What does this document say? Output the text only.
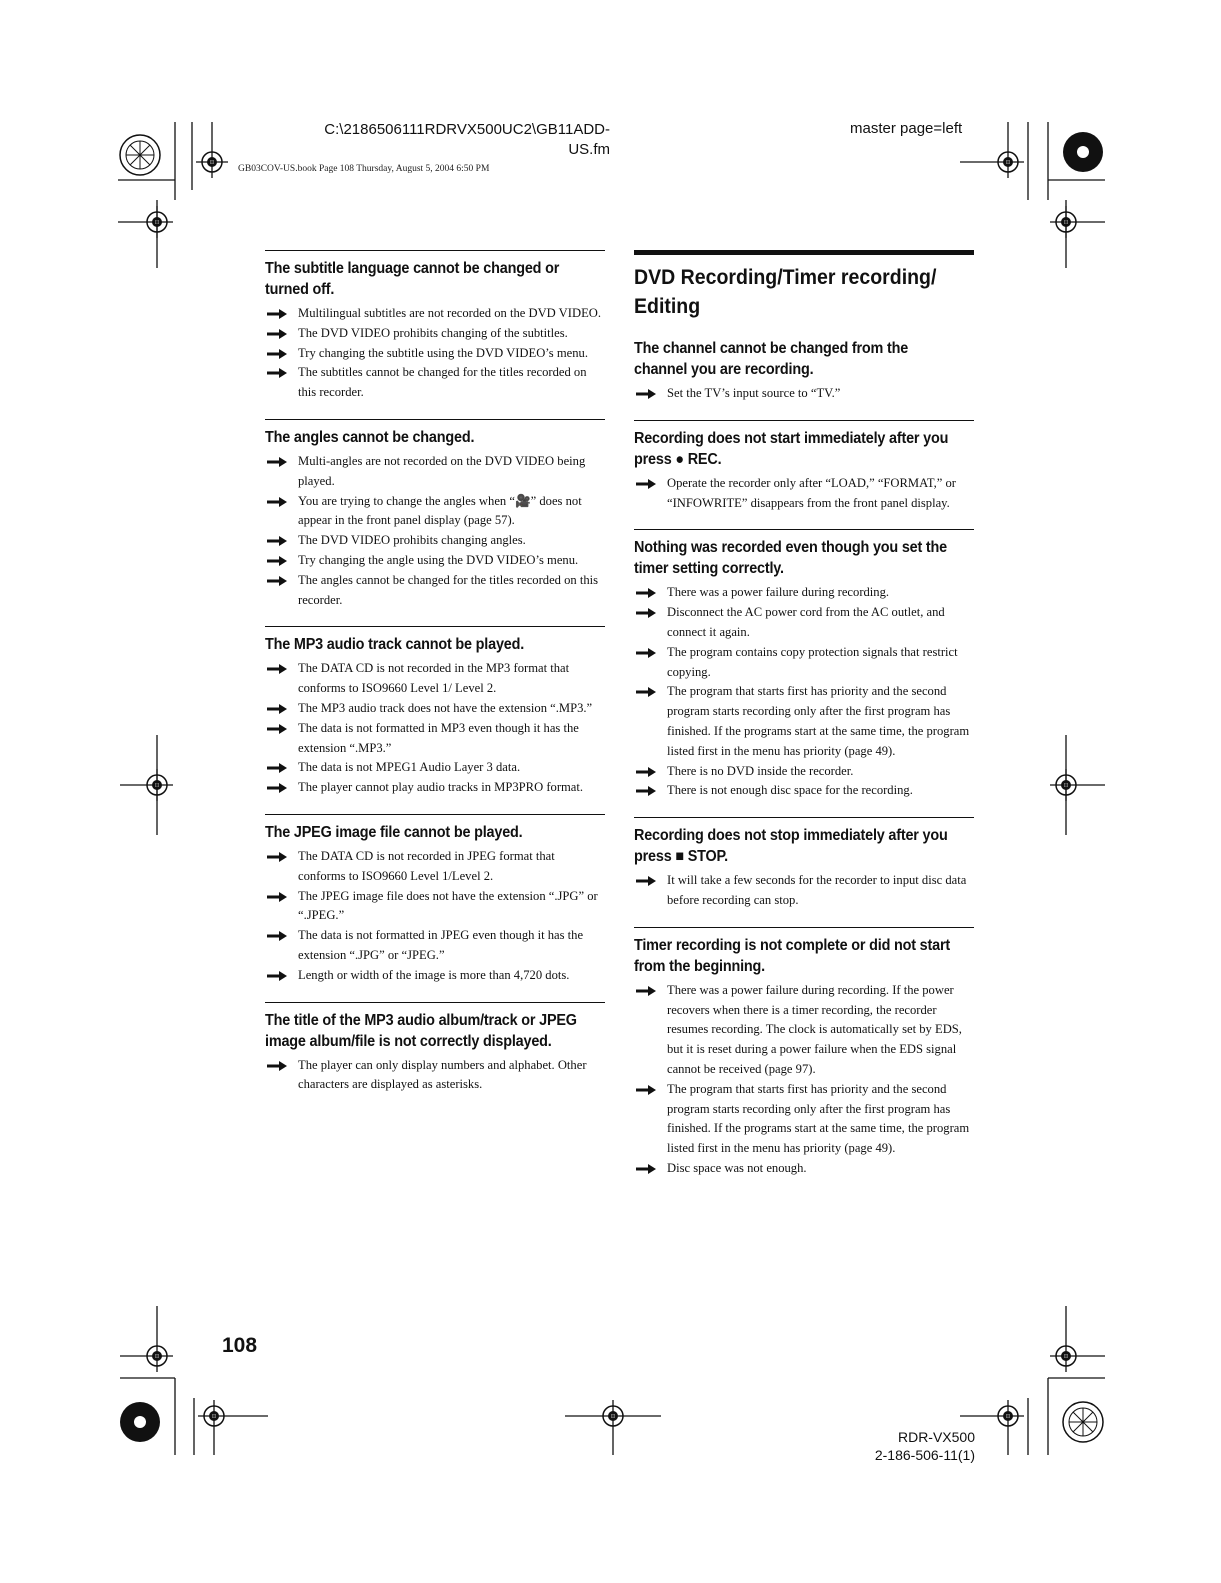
C:\2186506111RDRVX500UC2\GB11ADD-
US.fm
GB03COV-US.book Page 108 Thursday, August 5, 2004 6:50 PM
master page=left
The subtitle language cannot be changed or turned off.
Multilingual subtitles are not recorded on the DVD VIDEO.
The DVD VIDEO prohibits changing of the subtitles.
Try changing the subtitle using the DVD VIDEO’s menu.
The subtitles cannot be changed for the titles recorded on this recorder.
The angles cannot be changed.
Multi-angles are not recorded on the DVD VIDEO being played.
You are trying to change the angles when “🎥” does not appear in the front panel display (page 57).
The DVD VIDEO prohibits changing angles.
Try changing the angle using the DVD VIDEO’s menu.
The angles cannot be changed for the titles recorded on this recorder.
The MP3 audio track cannot be played.
The DATA CD is not recorded in the MP3 format that conforms to ISO9660 Level 1/ Level 2.
The MP3 audio track does not have the extension “.MP3.”
The data is not formatted in MP3 even though it has the extension “.MP3.”
The data is not MPEG1 Audio Layer 3 data.
The player cannot play audio tracks in MP3PRO format.
The JPEG image file cannot be played.
The DATA CD is not recorded in JPEG format that conforms to ISO9660 Level 1/Level 2.
The JPEG image file does not have the extension “.JPG” or “.JPEG.”
The data is not formatted in JPEG even though it has the extension “.JPG” or “JPEG.”
Length or width of the image is more than 4,720 dots.
The title of the MP3 audio album/track or JPEG image album/file is not correctly displayed.
The player can only display numbers and alphabet. Other characters are displayed as asterisks.
DVD Recording/Timer recording/ Editing
The channel cannot be changed from the channel you are recording.
Set the TV’s input source to “TV.”
Recording does not start immediately after you press ● REC.
Operate the recorder only after “LOAD,” “FORMAT,” or “INFOWRITE” disappears from the front panel display.
Nothing was recorded even though you set the timer setting correctly.
There was a power failure during recording.
Disconnect the AC power cord from the AC outlet, and connect it again.
The program contains copy protection signals that restrict copying.
The program that starts first has priority and the second program starts recording only after the first program has finished. If the programs start at the same time, the program listed first in the menu has priority (page 49).
There is no DVD inside the recorder.
There is not enough disc space for the recording.
Recording does not stop immediately after you press ■ STOP.
It will take a few seconds for the recorder to input disc data before recording can stop.
Timer recording is not complete or did not start from the beginning.
There was a power failure during recording. If the power recovers when there is a timer recording, the recorder resumes recording. The clock is automatically set by EDS, but it is reset during a power failure when the EDS signal cannot be received (page 97).
The program that starts first has priority and the second program starts recording only after the first program has finished. If the programs start at the same time, the program listed first in the menu has priority (page 49).
Disc space was not enough.
108
RDR-VX500
2-186-506-11(1)
